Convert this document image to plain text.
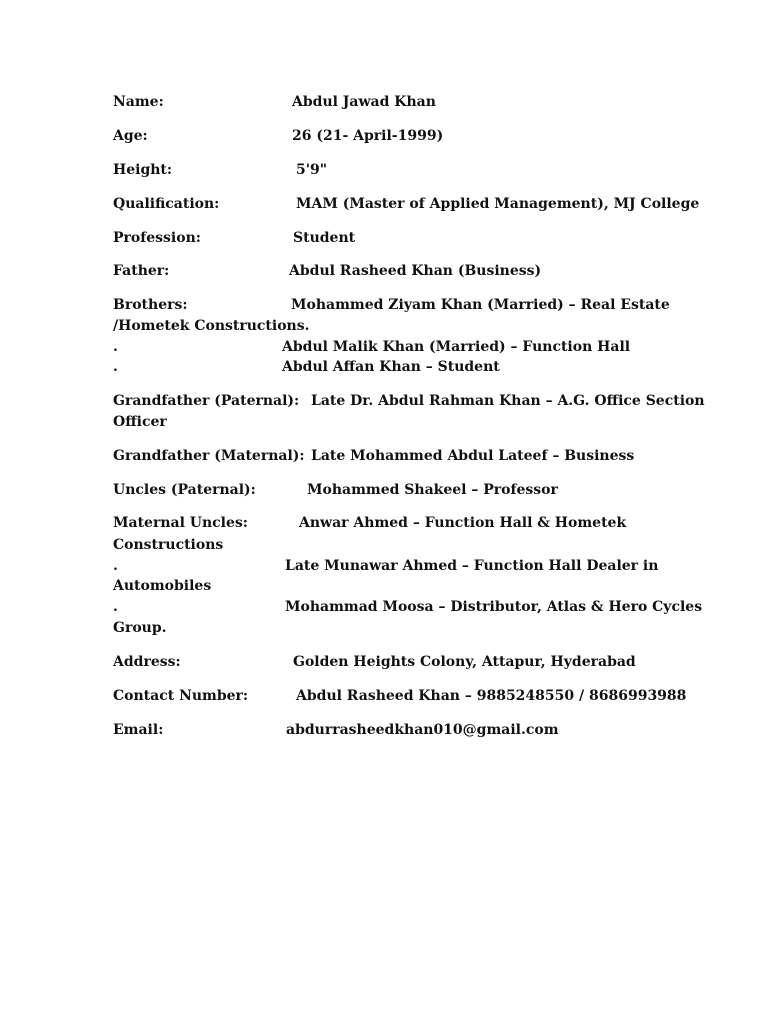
Name:	Abdul Jawad Khan
Age:	26 (21- April-1999)
Height:	5'9"
Qualification:	MAM (Master of Applied Management), MJ College
Profession:	Student
Father:	Abdul Rasheed Khan (Business)
Brothers:	Mohammed Ziyam Khan (Married) – Real Estate
/Hometek Constructions.
.	Abdul Malik Khan (Married) – Function Hall
.	Abdul Affan Khan – Student
Grandfather (Paternal): Late Dr. Abdul Rahman Khan – A.G. Office Section
Officer
Grandfather (Maternal): Late Mohammed Abdul Lateef – Business
Uncles (Paternal):	Mohammed Shakeel – Professor
Maternal Uncles:	Anwar Ahmed – Function Hall & Hometek
Constructions
.	Late Munawar Ahmed – Function Hall Dealer in
Automobiles
.	Mohammad Moosa – Distributor, Atlas & Hero Cycles
Group.
Address:	Golden Heights Colony, Attapur, Hyderabad
Contact Number:	Abdul Rasheed Khan – 9885248550 / 8686993988
Email:	abdurrasheedkhan010@gmail.com
